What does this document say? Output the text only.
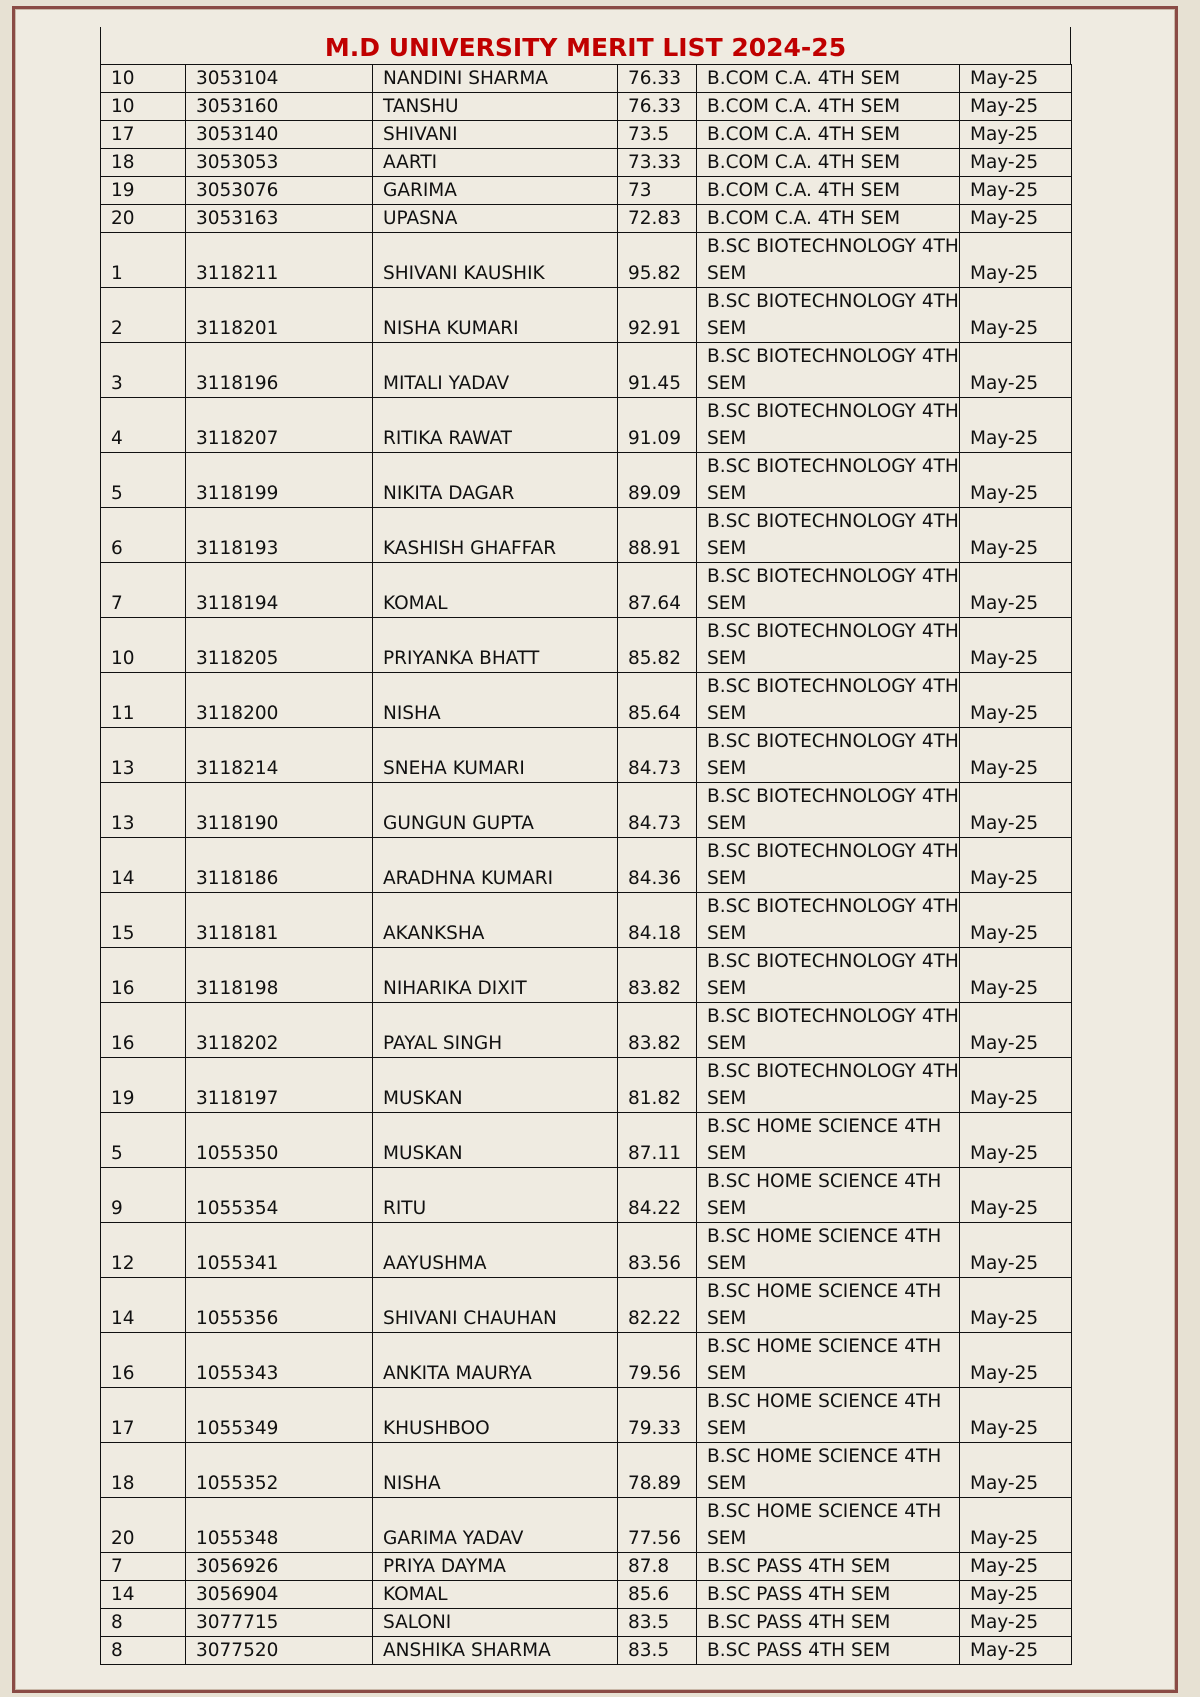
M.D UNIVERSITY MERIT LIST 2024-25
10	3053104	NANDINI SHARMA	76.33	B.COM C.A. 4TH SEM	May-25
10	3053160	TANSHU	76.33	B.COM C.A. 4TH SEM	May-25
17	3053140	SHIVANI	73.5	B.COM C.A. 4TH SEM	May-25
18	3053053	AARTI	73.33	B.COM C.A. 4TH SEM	May-25
19	3053076	GARIMA	73	B.COM C.A. 4TH SEM	May-25
20	3053163	UPASNA	72.83	B.COM C.A. 4TH SEM	May-25
1	3118211	SHIVANI KAUSHIK	95.82	B.SC BIOTECHNOLOGY 4TH SEM	May-25
2	3118201	NISHA KUMARI	92.91	B.SC BIOTECHNOLOGY 4TH SEM	May-25
3	3118196	MITALI YADAV	91.45	B.SC BIOTECHNOLOGY 4TH SEM	May-25
4	3118207	RITIKA RAWAT	91.09	B.SC BIOTECHNOLOGY 4TH SEM	May-25
5	3118199	NIKITA DAGAR	89.09	B.SC BIOTECHNOLOGY 4TH SEM	May-25
6	3118193	KASHISH GHAFFAR	88.91	B.SC BIOTECHNOLOGY 4TH SEM	May-25
7	3118194	KOMAL	87.64	B.SC BIOTECHNOLOGY 4TH SEM	May-25
10	3118205	PRIYANKA BHATT	85.82	B.SC BIOTECHNOLOGY 4TH SEM	May-25
11	3118200	NISHA	85.64	B.SC BIOTECHNOLOGY 4TH SEM	May-25
13	3118214	SNEHA KUMARI	84.73	B.SC BIOTECHNOLOGY 4TH SEM	May-25
13	3118190	GUNGUN GUPTA	84.73	B.SC BIOTECHNOLOGY 4TH SEM	May-25
14	3118186	ARADHNA KUMARI	84.36	B.SC BIOTECHNOLOGY 4TH SEM	May-25
15	3118181	AKANKSHA	84.18	B.SC BIOTECHNOLOGY 4TH SEM	May-25
16	3118198	NIHARIKA DIXIT	83.82	B.SC BIOTECHNOLOGY 4TH SEM	May-25
16	3118202	PAYAL SINGH	83.82	B.SC BIOTECHNOLOGY 4TH SEM	May-25
19	3118197	MUSKAN	81.82	B.SC BIOTECHNOLOGY 4TH SEM	May-25
5	1055350	MUSKAN	87.11	B.SC HOME SCIENCE 4TH SEM	May-25
9	1055354	RITU	84.22	B.SC HOME SCIENCE 4TH SEM	May-25
12	1055341	AAYUSHMA	83.56	B.SC HOME SCIENCE 4TH SEM	May-25
14	1055356	SHIVANI CHAUHAN	82.22	B.SC HOME SCIENCE 4TH SEM	May-25
16	1055343	ANKITA MAURYA	79.56	B.SC HOME SCIENCE 4TH SEM	May-25
17	1055349	KHUSHBOO	79.33	B.SC HOME SCIENCE 4TH SEM	May-25
18	1055352	NISHA	78.89	B.SC HOME SCIENCE 4TH SEM	May-25
20	1055348	GARIMA YADAV	77.56	B.SC HOME SCIENCE 4TH SEM	May-25
7	3056926	PRIYA DAYMA	87.8	B.SC PASS 4TH SEM	May-25
14	3056904	KOMAL	85.6	B.SC PASS 4TH SEM	May-25
8	3077715	SALONI	83.5	B.SC PASS 4TH SEM	May-25
8	3077520	ANSHIKA SHARMA	83.5	B.SC PASS 4TH SEM	May-25
